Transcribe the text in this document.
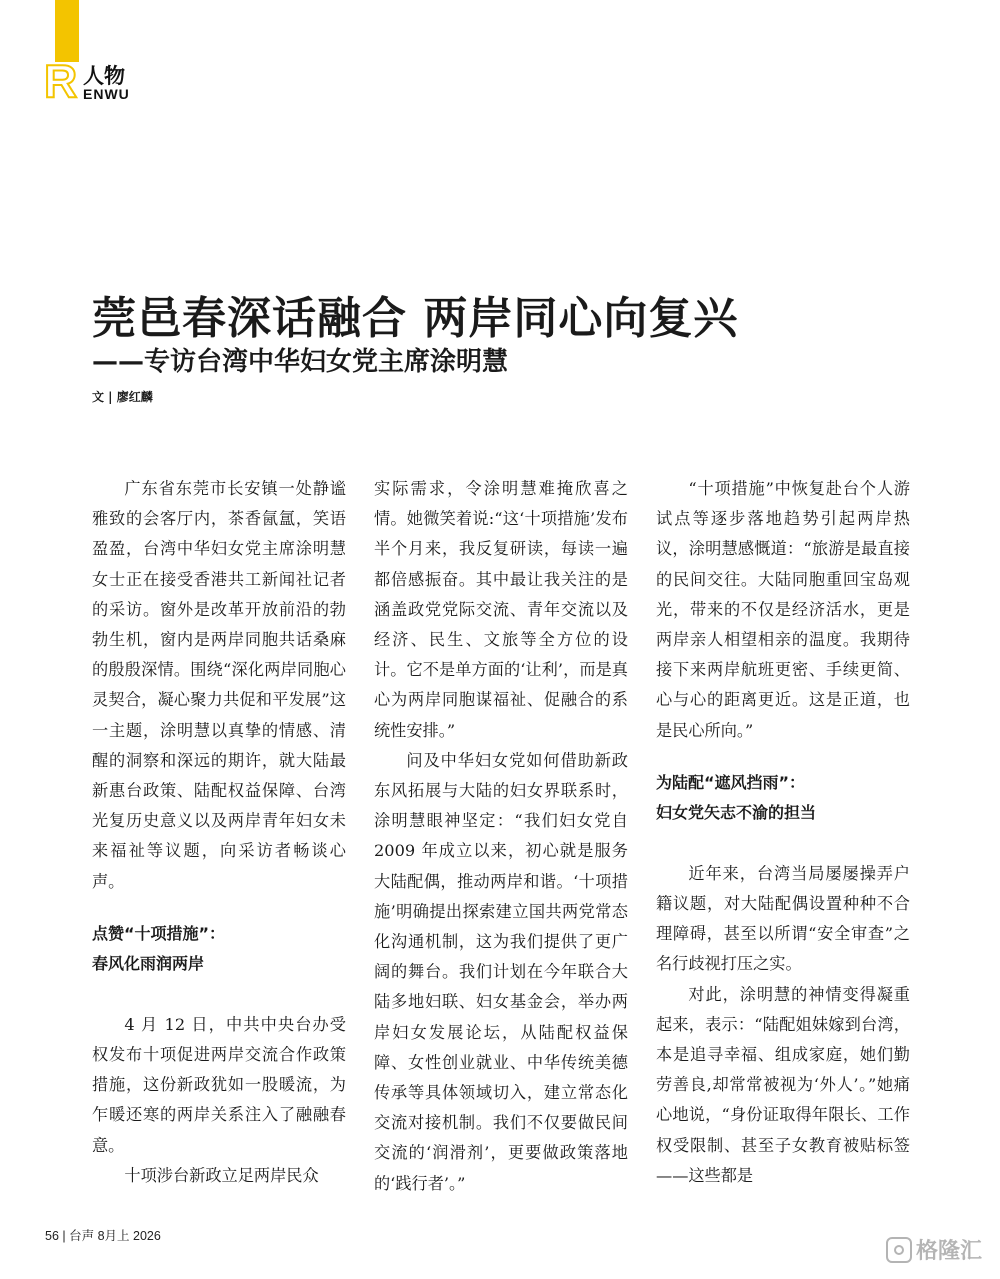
R 人物
ENWU
莞邑春深话融合 两岸同心向复兴
——专访台湾中华妇女党主席涂明慧
文 | 廖红麟

广东省东莞市长安镇一处静谧雅致的会客厅内，茶香氤氲，笑语盈盈，台湾中华妇女党主席涂明慧女士正在接受香港共工新闻社记者的采访。窗外是改革开放前沿的勃勃生机，窗内是两岸同胞共话桑麻的殷殷深情。围绕“深化两岸同胞心灵契合，凝心聚力共促和平发展”这一主题，涂明慧以真挚的情感、清醒的洞察和深远的期许，就大陆最新惠台政策、陆配权益保障、台湾光复历史意义以及两岸青年妇女未来福祉等议题，向采访者畅谈心声。

点赞“十项措施”：
春风化雨润两岸

4 月 12 日，中共中央台办受权发布十项促进两岸交流合作政策措施，这份新政犹如一股暖流，为乍暖还寒的两岸关系注入了融融春意。

十项涉台新政立足两岸民众

实际需求，令涂明慧难掩欣喜之情。她微笑着说:“这‘十项措施’发布半个月来，我反复研读，每读一遍都倍感振奋。其中最让我关注的是涵盖政党党际交流、青年交流以及经济、民生、文旅等全方位的设计。它不是单方面的‘让利’，而是真心为两岸同胞谋福祉、促融合的系统性安排。”

问及中华妇女党如何借助新政东风拓展与大陆的妇女界联系时，涂明慧眼神坚定：“我们妇女党自 2009 年成立以来，初心就是服务大陆配偶，推动两岸和谐。‘十项措施’明确提出探索建立国共两党常态化沟通机制，这为我们提供了更广阔的舞台。我们计划在今年联合大陆多地妇联、妇女基金会，举办两岸妇女发展论坛，从陆配权益保障、女性创业就业、中华传统美德传承等具体领域切入，建立常态化交流对接机制。我们不仅要做民间交流的‘润滑剂’，更要做政策落地的‘践行者’。”

“十项措施”中恢复赴台个人游试点等逐步落地趋势引起两岸热议，涂明慧感慨道：“旅游是最直接的民间交往。大陆同胞重回宝岛观光，带来的不仅是经济活水，更是两岸亲人相望相亲的温度。我期待接下来两岸航班更密、手续更简、心与心的距离更近。这是正道，也是民心所向。”

为陆配“遮风挡雨”：
妇女党矢志不渝的担当

近年来，台湾当局屡屡操弄户籍议题，对大陆配偶设置种种不合理障碍，甚至以所谓“安全审查”之名行歧视打压之实。

对此，涂明慧的神情变得凝重起来，表示：“陆配姐妹嫁到台湾，本是追寻幸福、组成家庭，她们勤劳善良,却常常被视为‘外人’。”她痛心地说，“身份证取得年限长、工作权受限制、甚至子女教育被贴标签——这些都是

56 | 台声 8月上 2026
格隆汇
